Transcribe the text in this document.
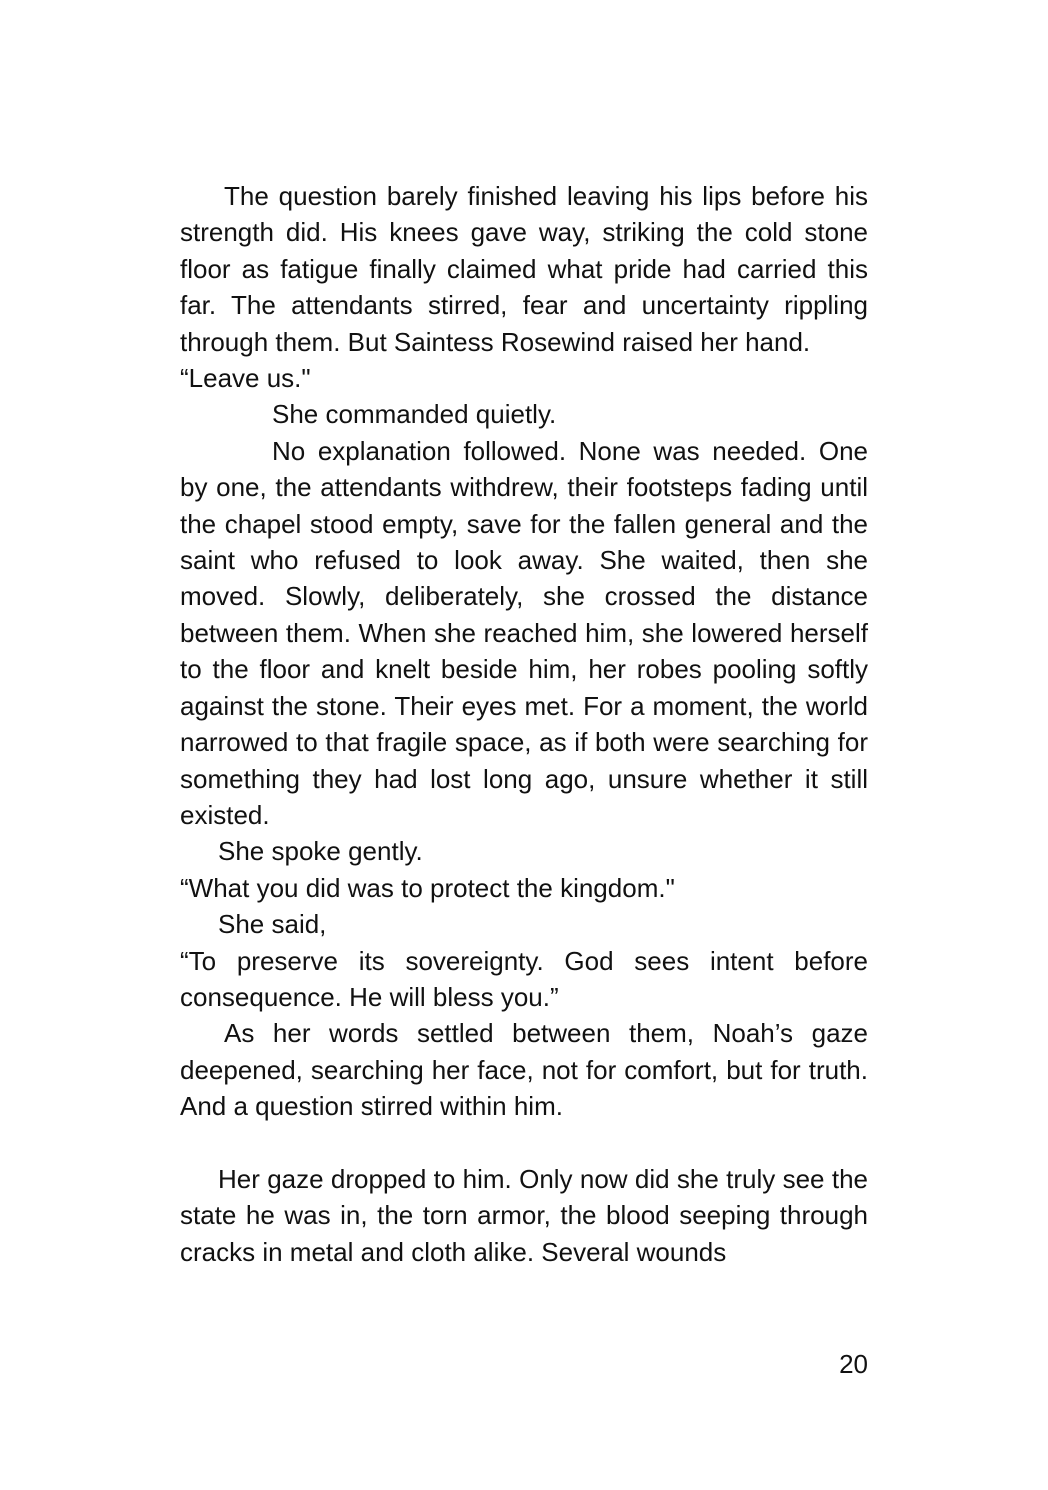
The question barely finished leaving his lips before his strength did. His knees gave way, striking the cold stone floor as fatigue finally claimed what pride had carried this far. The attendants stirred, fear and uncertainty rippling through them. But Saintess Rosewind raised her hand.

“Leave us."

She commanded quietly.

No explanation followed. None was needed. One by one, the attendants withdrew, their footsteps fading until the chapel stood empty, save for the fallen general and the saint who refused to look away. She waited, then she moved. Slowly, deliberately, she crossed the distance between them. When she reached him, she lowered herself to the floor and knelt beside him, her robes pooling softly against the stone. Their eyes met. For a moment, the world narrowed to that fragile space, as if both were searching for something they had lost long ago, unsure whether it still existed.

She spoke gently.

“What you did was to protect the kingdom."

She said,

“To preserve its sovereignty. God sees intent before consequence. He will bless you.”

As her words settled between them, Noah’s gaze deepened, searching her face, not for comfort, but for truth. And a question stirred within him.

Her gaze dropped to him. Only now did she truly see the state he was in, the torn armor, the blood seeping through cracks in metal and cloth alike. Several wounds

20
